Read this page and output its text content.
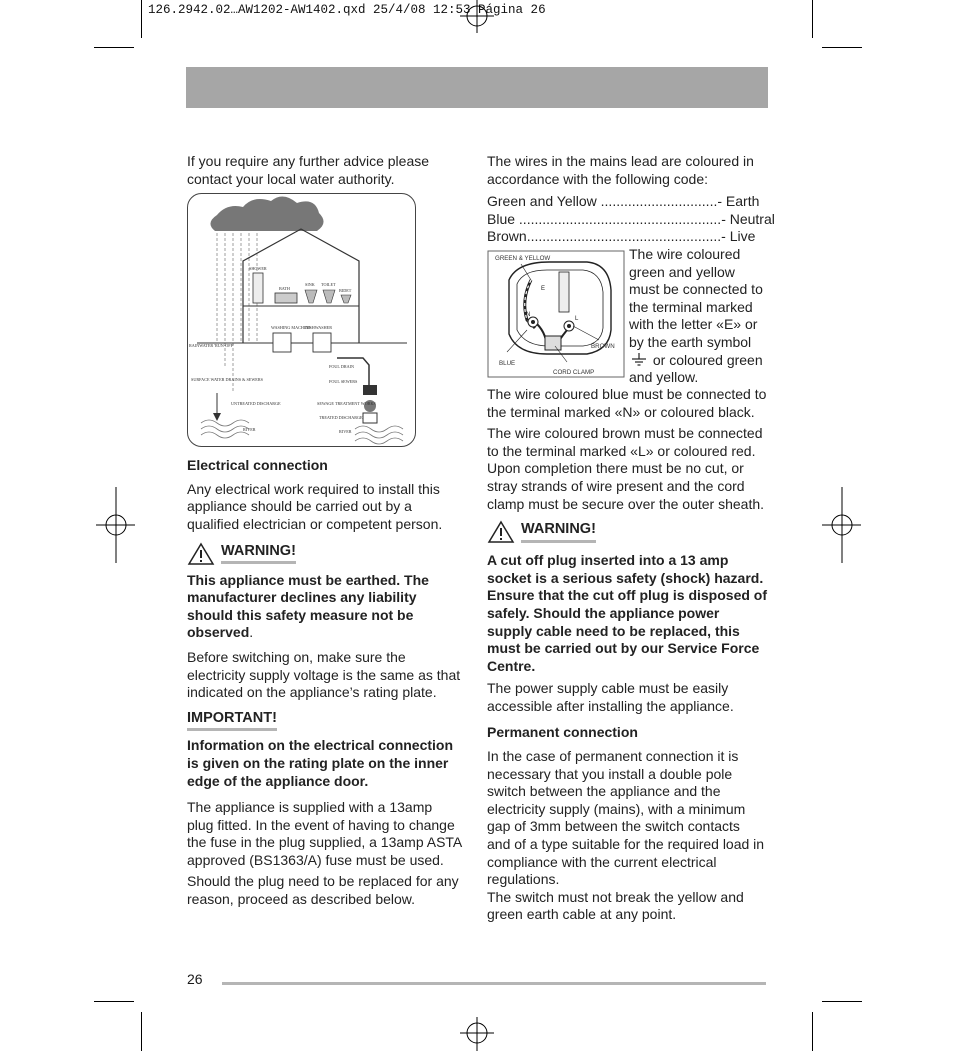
126.2942.02…AW1202-AW1402.qxd 25/4/08 12:53 Página 26

If you require any further advice please contact your local water authority.

SHOWER
BATH
SINK TOILET
BIDET
WASHING MACHINE
DISHWASHER
RAINWATER 'RUN-OFF'
FOUL DRAIN
SURFACE WATER DRAINS & SEWERS	FOUL SEWERS
UNTREATED DISCHARGE	SEWAGE TREATMENT WORKS
TREATED DISCHARGE
RIVER	RIVER

Electrical connection

Any electrical work required to install this appliance should be carried out by a qualified electrician or competent person.

WARNING!

This appliance must be earthed. The manufacturer declines any liability should this safety measure not be observed.

Before switching on, make sure the electricity supply voltage is the same as that indicated on the appliance’s rating plate.

IMPORTANT!

Information on the electrical connection is given on the rating plate on the inner edge of the appliance door.

The appliance is supplied with a 13amp plug fitted. In the event of having to change the fuse in the plug supplied, a 13amp ASTA approved (BS1363/A) fuse must be used.

Should the plug need to be replaced for any reason, proceed as described below.

The wires in the mains lead are coloured in accordance with the following code:

Green and Yellow ..............................- Earth
Blue ....................................................- Neutral
Brown..................................................- Live
GREEN & YELLOW
BLUE
BROWN
CORD CLAMP
N
E
L
The wire coloured green and yellow must be connected to the terminal marked with the letter «E» or by the earth symbol  or coloured green and yellow.

The wire coloured blue must be connected to the terminal marked «N» or coloured black.

The wire coloured brown must be connected to the terminal marked «L» or coloured red.

Upon completion there must be no cut, or stray strands of wire present and the cord clamp must be secure over the outer sheath.

WARNING!

A cut off plug inserted into a 13 amp socket is a serious safety (shock) hazard. Ensure that the cut off plug is disposed of safely. Should the appliance power supply cable need to be replaced, this must be carried out by our Service Force Centre.

The power supply cable must be easily accessible after installing the appliance.

Permanent connection

In the case of permanent connection it is necessary that you install a double pole switch between the appliance and the electricity supply (mains), with a minimum gap of 3mm between the switch contacts and of a type suitable for the required load in compliance with the current electrical regulations.

The switch must not break the yellow and green earth cable at any point.

26
